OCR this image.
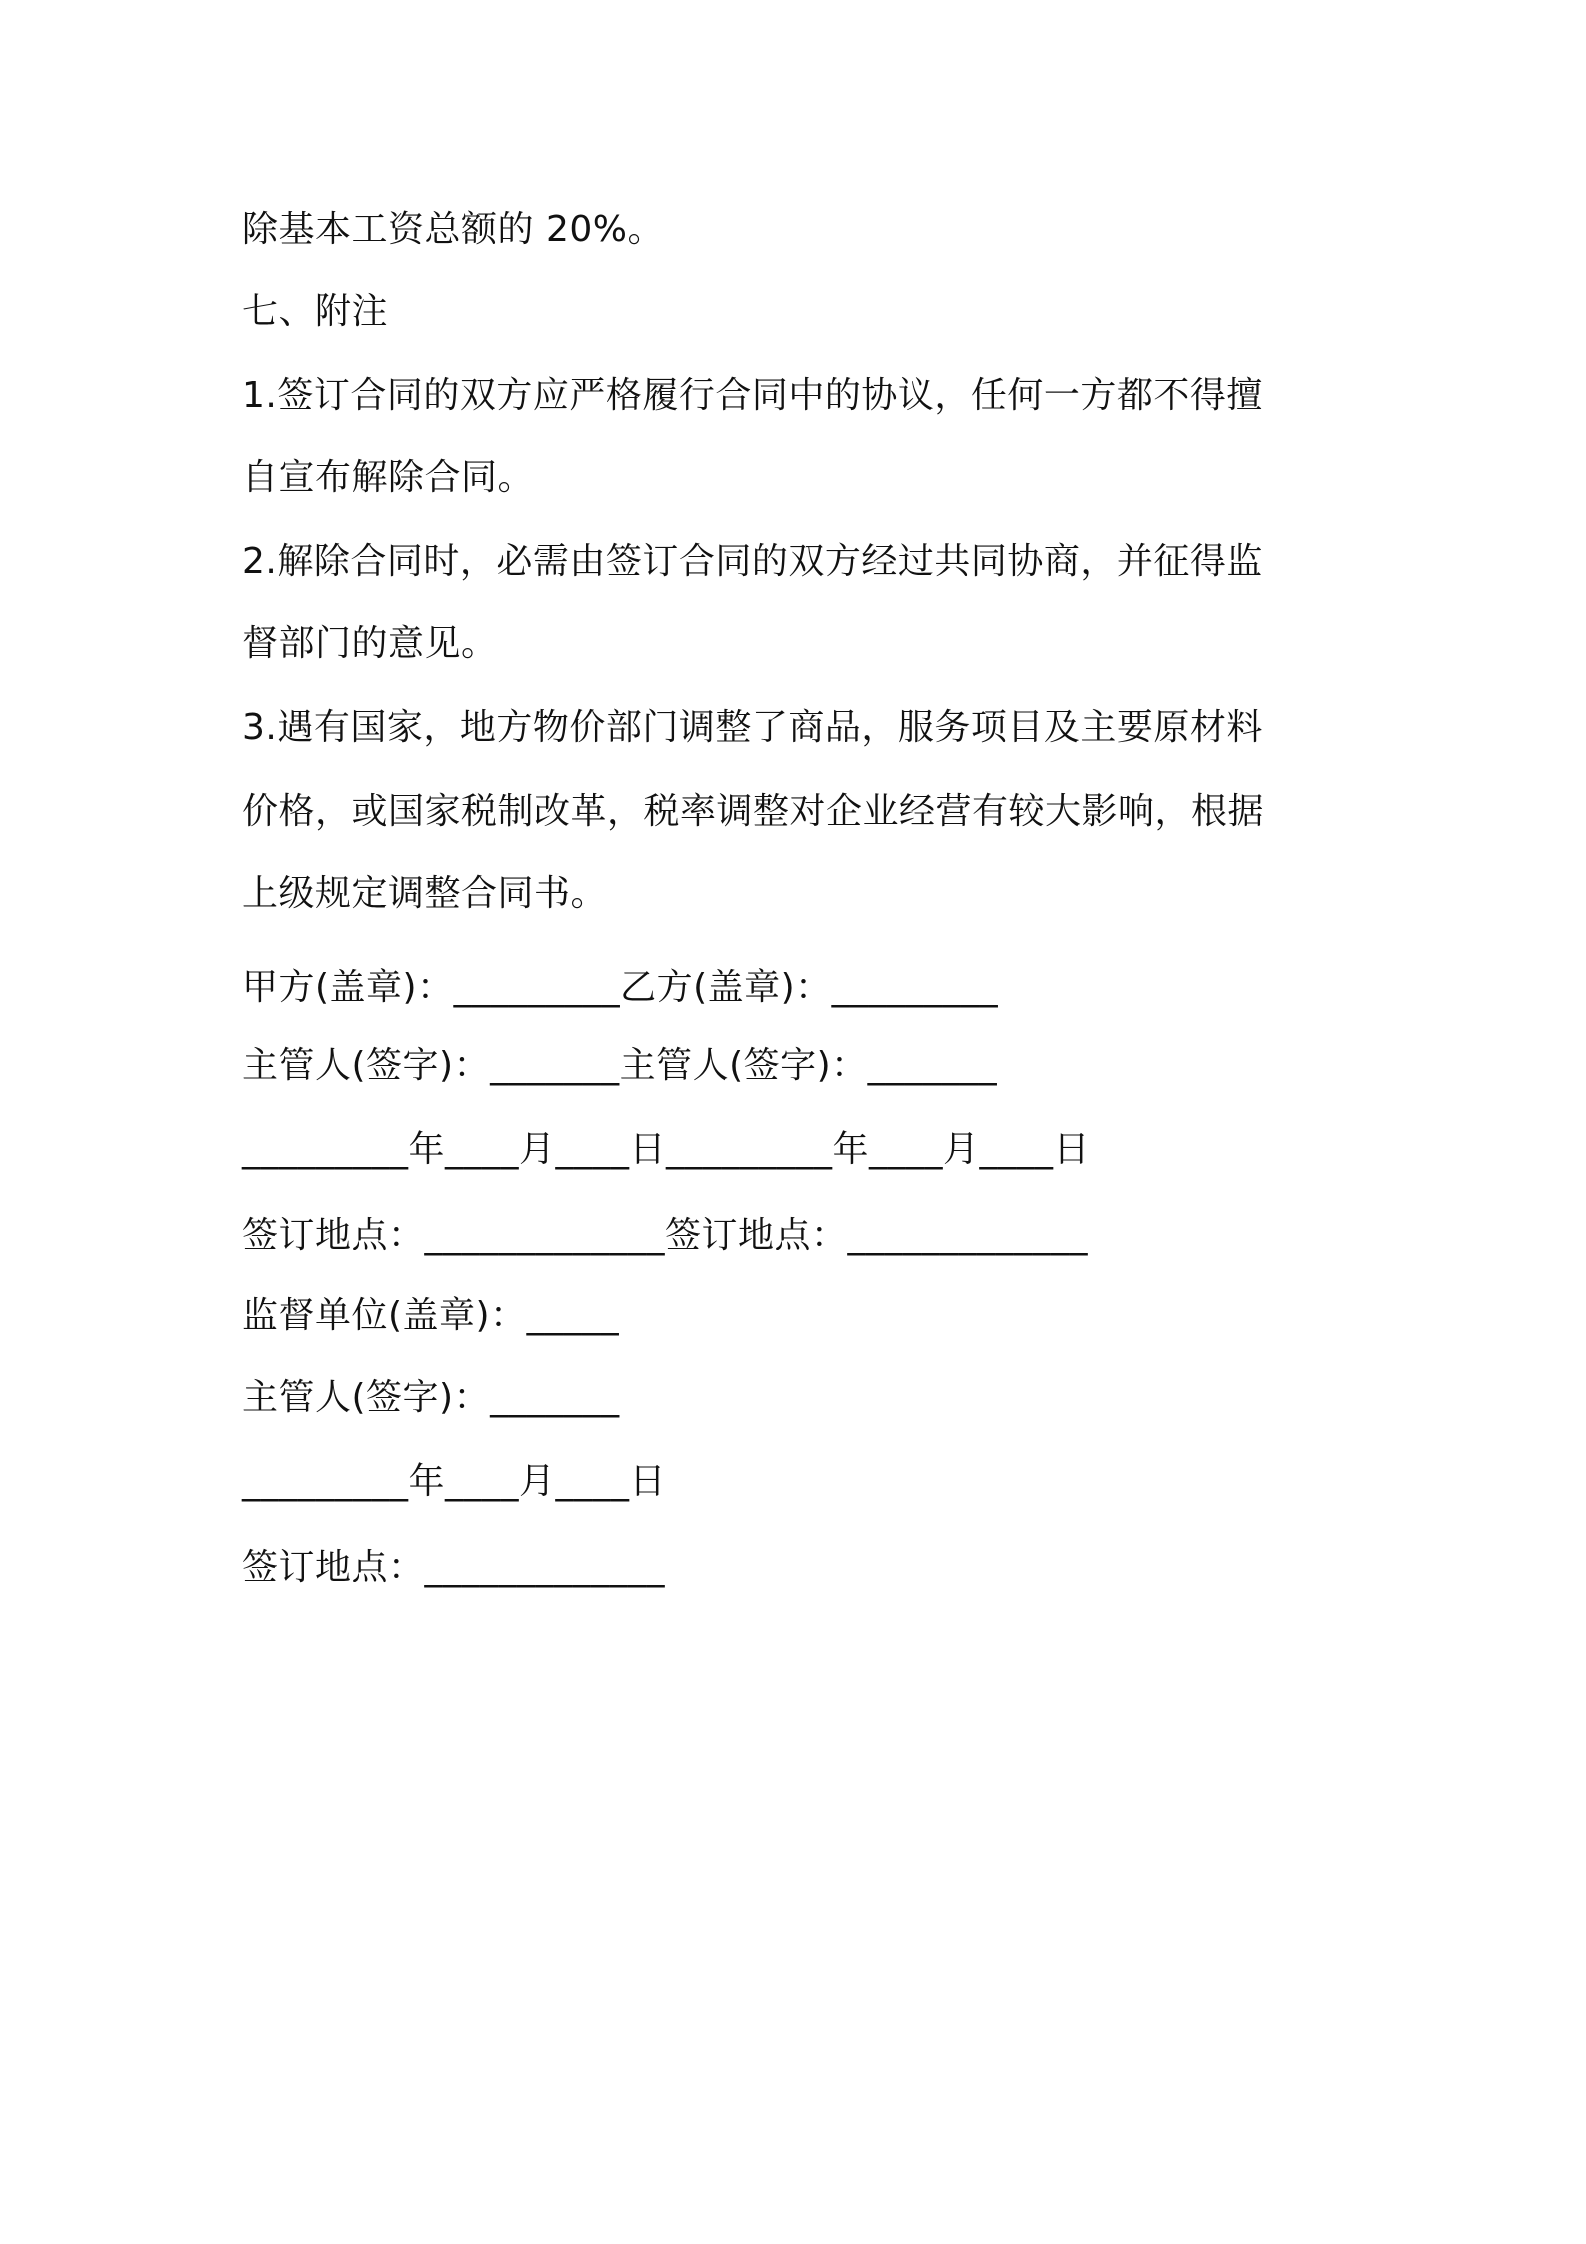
除基本工资总额的 20%。
七、附注
1.签订合同的双方应严格履行合同中的协议，任何一方都不得擅
自宣布解除合同。
2.解除合同时，必需由签订合同的双方经过共同协商，并征得监
督部门的意见。
3.遇有国家，地方物价部门调整了商品，服务项目及主要原材料
价格，或国家税制改革，税率调整对企业经营有较大影响，根据
上级规定调整合同书。
甲方(盖章)：_________乙方(盖章)：_________
主管人(签字)：_______主管人(签字)：_______
_________年____月____日_________年____月____日
签订地点：_____________签订地点：_____________
监督单位(盖章)：_____
主管人(签字)：_______
_________年____月____日
签订地点：_____________
